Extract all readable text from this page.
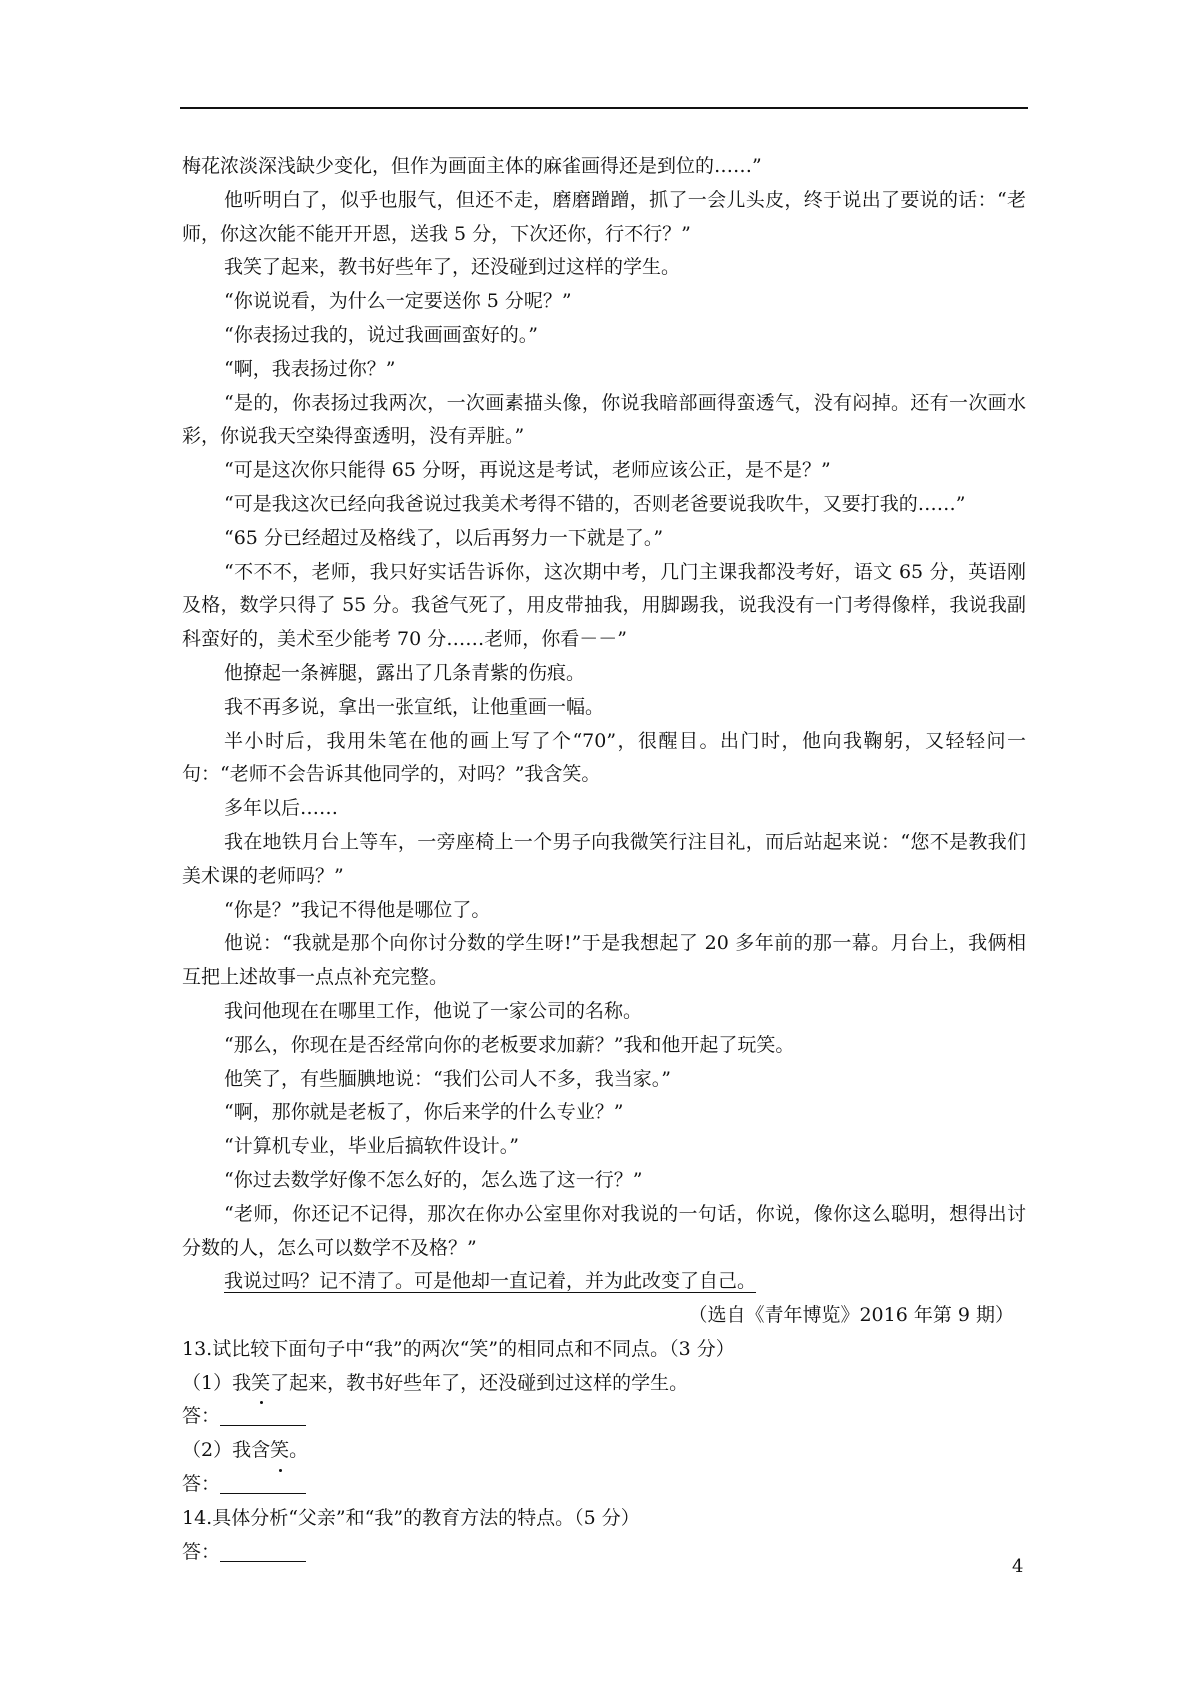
梅花浓淡深浅缺少变化，但作为画面主体的麻雀画得还是到位的……”

他听明白了，似乎也服气，但还不走，磨磨蹭蹭，抓了一会儿头皮，终于说出了要说的话：“老师，你这次能不能开开恩，送我 5 分，下次还你，行不行？”

我笑了起来，教书好些年了，还没碰到过这样的学生。

“你说说看，为什么一定要送你 5 分呢？”

“你表扬过我的，说过我画画蛮好的。”

“啊，我表扬过你？”

“是的，你表扬过我两次，一次画素描头像，你说我暗部画得蛮透气，没有闷掉。还有一次画水彩，你说我天空染得蛮透明，没有弄脏。”

“可是这次你只能得 65 分呀，再说这是考试，老师应该公正，是不是？”

“可是我这次已经向我爸说过我美术考得不错的，否则老爸要说我吹牛，又要打我的……”

“65 分已经超过及格线了，以后再努力一下就是了。”

“不不不，老师，我只好实话告诉你，这次期中考，几门主课我都没考好，语文 65 分，英语刚及格，数学只得了 55 分。我爸气死了，用皮带抽我，用脚踢我，说我没有一门考得像样，我说我副科蛮好的，美术至少能考 70 分……老师，你看－－”

他撩起一条裤腿，露出了几条青紫的伤痕。

我不再多说，拿出一张宣纸，让他重画一幅。

半小时后，我用朱笔在他的画上写了个“70”，很醒目。出门时，他向我鞠躬，又轻轻问一句：“老师不会告诉其他同学的，对吗？”我含笑。

多年以后……

我在地铁月台上等车，一旁座椅上一个男子向我微笑行注目礼，而后站起来说：“您不是教我们美术课的老师吗？”

“你是？”我记不得他是哪位了。

他说：“我就是那个向你讨分数的学生呀!”于是我想起了 20 多年前的那一幕。月台上，我俩相互把上述故事一点点补充完整。

我问他现在在哪里工作，他说了一家公司的名称。

“那么，你现在是否经常向你的老板要求加薪？”我和他开起了玩笑。

他笑了，有些腼腆地说：“我们公司人不多，我当家。”

“啊，那你就是老板了，你后来学的什么专业？”

“计算机专业，毕业后搞软件设计。”

“你过去数学好像不怎么好的，怎么选了这一行？”

“老师，你还记不记得，那次在你办公室里你对我说的一句话，你说，像你这么聪明，想得出讨分数的人，怎么可以数学不及格？”

我说过吗？记不清了。可是他却一直记着，并为此改变了自己。

（选自《青年博览》2016 年第 9 期）

13.试比较下面句子中“我”的两次“笑”的相同点和不同点。（3 分）

（1）我笑了起来，教书好些年了，还没碰到过这样的学生。

答：

（2）我含笑。

答：

14.具体分析“父亲”和“我”的教育方法的特点。（5 分）

答：

4
